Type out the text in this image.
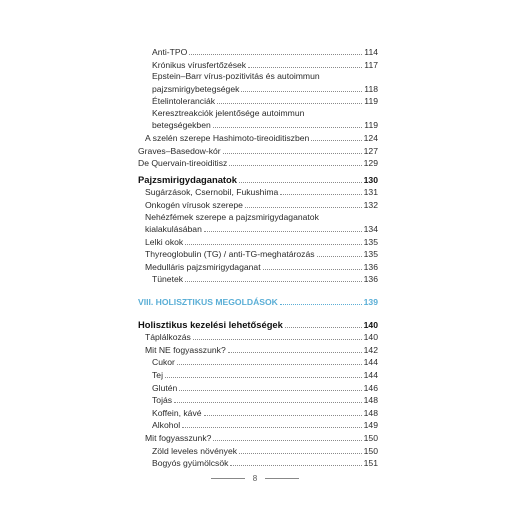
Anti-TPO	114
Krónikus vírusfertőzések	117
Epstein–Barr vírus-pozitivitás és autoimmun
pajzsmirigybetegségek	118
Ételintoleranciák	119
Keresztreakciók jelentősége autoimmun
betegségekben	119
A szelén szerepe Hashimoto-tireoiditiszben	124
Graves–Basedow-kór	127
De Quervain-tireoiditisz	129
Pajzsmirigydaganatok	130
Sugárzások, Csernobil, Fukushima	131
Onkogén vírusok szerepe	132
Nehézfémek szerepe a pajzsmirigydaganatok
kialakulásában	134
Lelki okok	135
Thyreoglobulin (TG) / anti-TG-meghatározás	135
Medulláris pajzsmirigydaganat	136
Tünetek	136
VIII. HOLISZTIKUS MEGOLDÁSOK	139
Holisztikus kezelési lehetőségek	140
Táplálkozás	140
Mit NE fogyasszunk?	142
Cukor	144
Tej	144
Glutén	146
Tojás	148
Koffein, kávé	148
Alkohol	149
Mit fogyasszunk?	150
Zöld leveles növények	150
Bogyós gyümölcsök	151
8
